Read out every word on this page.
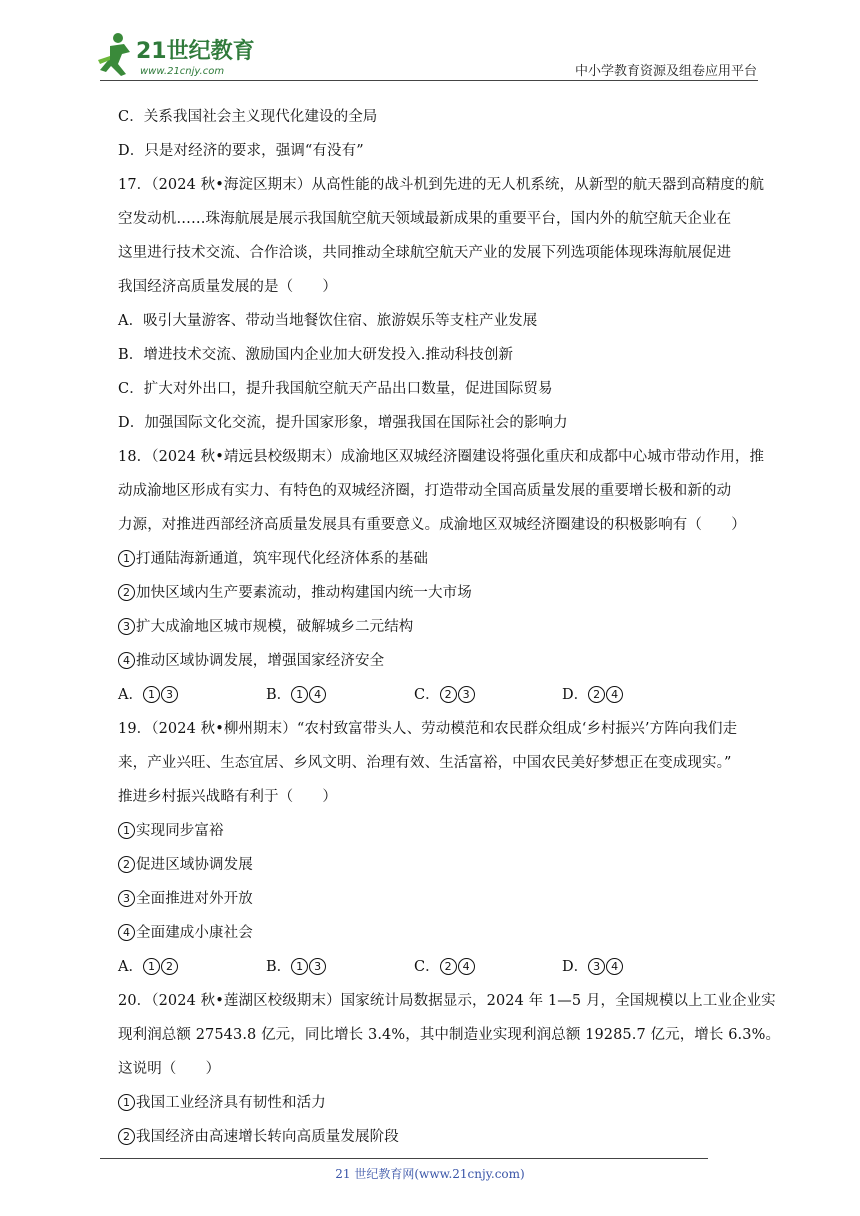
21世纪教育
www.21cnjy.com	中小学教育资源及组卷应用平台
C．关系我国社会主义现代化建设的全局
D．只是对经济的要求，强调“有没有”
17．（2024 秋•海淀区期末）从高性能的战斗机到先进的无人机系统，从新型的航天器到高精度的航
空发动机……珠海航展是展示我国航空航天领域最新成果的重要平台，国内外的航空航天企业在
这里进行技术交流、合作洽谈，共同推动全球航空航天产业的发展下列选项能体现珠海航展促进
我国经济高质量发展的是（　　）
A．吸引大量游客、带动当地餐饮住宿、旅游娱乐等支柱产业发展
B．增进技术交流、激励国内企业加大研发投入.推动科技创新
C．扩大对外出口，提升我国航空航天产品出口数量，促进国际贸易
D．加强国际文化交流，提升国家形象，增强我国在国际社会的影响力
18．（2024 秋•靖远县校级期末）成渝地区双城经济圈建设将强化重庆和成都中心城市带动作用，推
动成渝地区形成有实力、有特色的双城经济圈，打造带动全国高质量发展的重要增长极和新的动
力源，对推进西部经济高质量发展具有重要意义。成渝地区双城经济圈建设的积极影响有（　　）
1 打通陆海新通道，筑牢现代化经济体系的基础
2 加快区域内生产要素流动，推动构建国内统一大市场
3 扩大成渝地区城市规模，破解城乡二元结构
4 推动区域协调发展，增强国家经济安全
A． 1 3	B． 1 4	C． 2 3	D． 2 4
19．（2024 秋•柳州期末）“农村致富带头人、劳动模范和农民群众组成‘乡村振兴’方阵向我们走
来，产业兴旺、生态宜居、乡风文明、治理有效、生活富裕，中国农民美好梦想正在变成现实。”
推进乡村振兴战略有利于（　　）
1 实现同步富裕
2 促进区域协调发展
3 全面推进对外开放
4 全面建成小康社会
A． 1 2	B． 1 3	C． 2 4	D． 3 4
20．（2024 秋•莲湖区校级期末）国家统计局数据显示，2024 年 1—5 月，全国规模以上工业企业实
现利润总额 27543.8 亿元，同比增长 3.4%，其中制造业实现利润总额 19285.7 亿元，增长 6.3%。
这说明（　　）
1 我国工业经济具有韧性和活力
2 我国经济由高速增长转向高质量发展阶段
21 世纪教育网(www.21cnjy.com)
